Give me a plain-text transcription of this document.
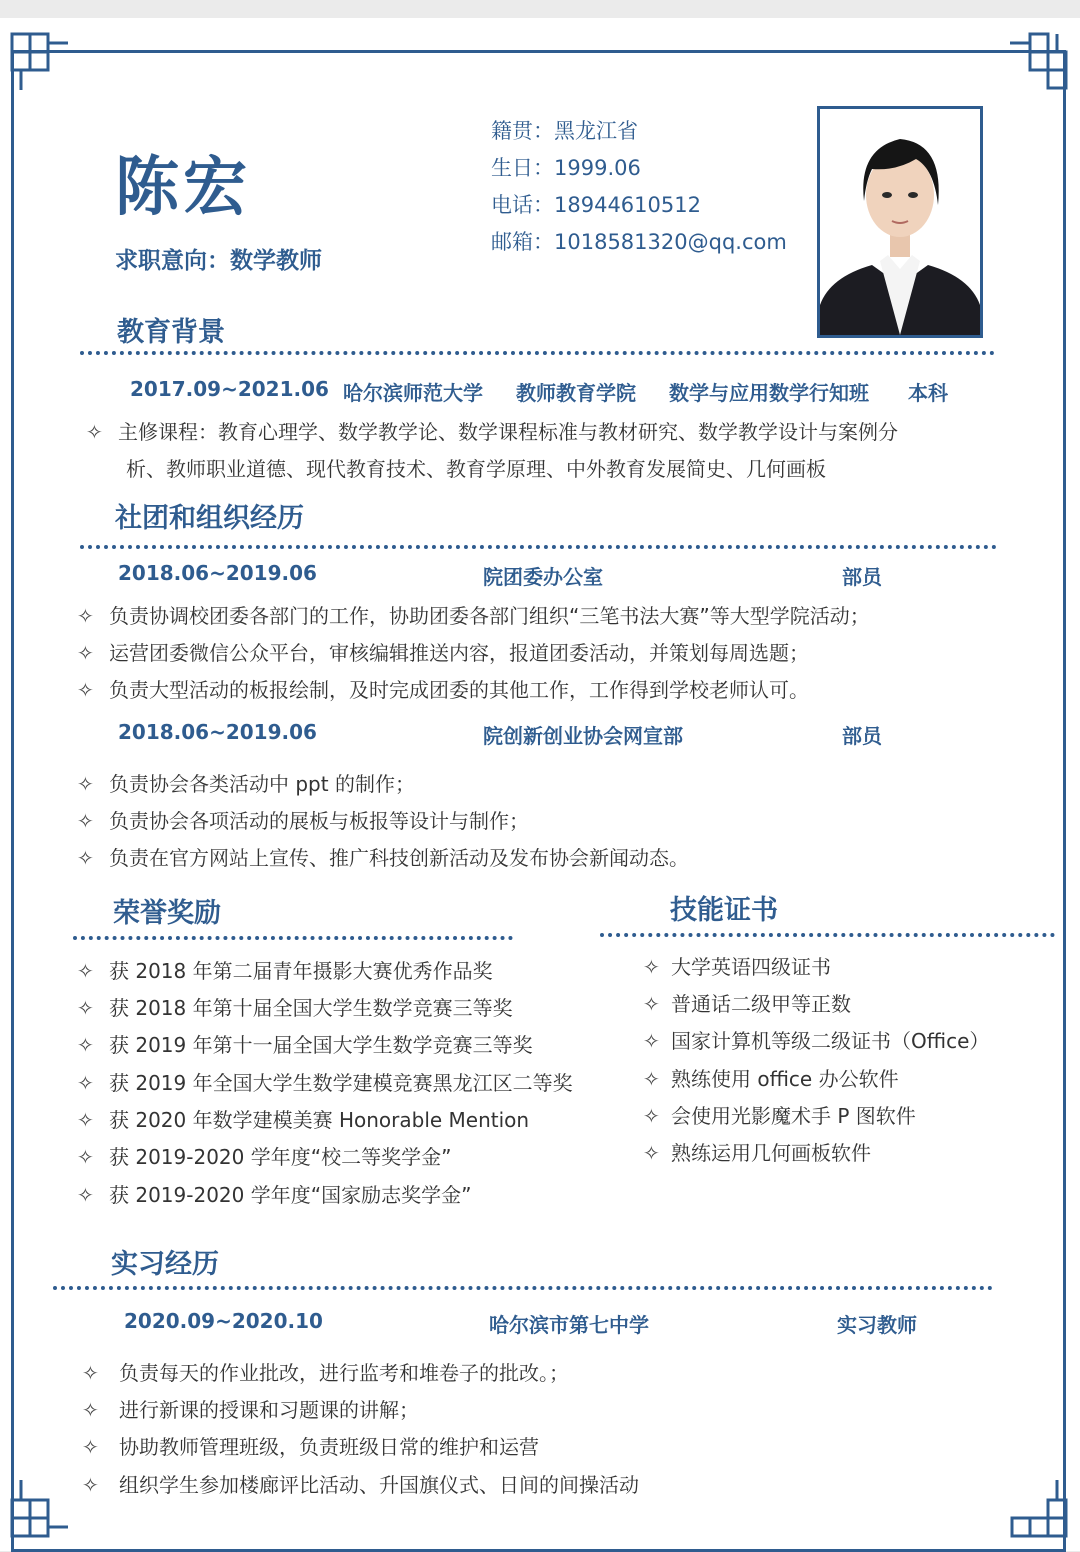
陈宏
求职意向：数学教师
籍贯：黑龙江省
生日：1999.06
电话：18944610512
邮箱：1018581320@qq.com
教育背景
2017.09~2021.06 哈尔滨师范大学 教师教育学院 数学与应用数学行知班 本科
✧ 主修课程：教育心理学、数学教学论、数学课程标准与教材研究、数学教学设计与案例分
析、教师职业道德、现代教育技术、教育学原理、中外教育发展简史、几何画板
社团和组织经历
2018.06~2019.06	院团委办公室	部员
✧ 负责协调校团委各部门的工作，协助团委各部门组织“三笔书法大赛”等大型学院活动；
✧ 运营团委微信公众平台，审核编辑推送内容，报道团委活动，并策划每周选题；
✧ 负责大型活动的板报绘制，及时完成团委的其他工作，工作得到学校老师认可。
2018.06~2019.06	院创新创业协会网宣部	部员
✧ 负责协会各类活动中 ppt 的制作；
✧ 负责协会各项活动的展板与板报等设计与制作；
✧ 负责在官方网站上宣传、推广科技创新活动及发布协会新闻动态。
荣誉奖励
✧ 获 2018 年第二届青年摄影大赛优秀作品奖
✧ 获 2018 年第十届全国大学生数学竞赛三等奖
✧ 获 2019 年第十一届全国大学生数学竞赛三等奖
✧ 获 2019 年全国大学生数学建模竞赛黑龙江区二等奖
✧ 获 2020 年数学建模美赛 Honorable Mention
✧ 获 2019-2020 学年度“校二等奖学金”
✧ 获 2019-2020 学年度“国家励志奖学金”
技能证书
✧ 大学英语四级证书
✧ 普通话二级甲等正数
✧ 国家计算机等级二级证书（Office）
✧ 熟练使用 office 办公软件
✧ 会使用光影魔术手 P 图软件
✧ 熟练运用几何画板软件
实习经历
2020.09~2020.10	哈尔滨市第七中学	实习教师
✧ 负责每天的作业批改，进行监考和堆卷子的批改。；
✧ 进行新课的授课和习题课的讲解；
✧ 协助教师管理班级，负责班级日常的维护和运营
✧ 组织学生参加楼廊评比活动、升国旗仪式、日间的间操活动
